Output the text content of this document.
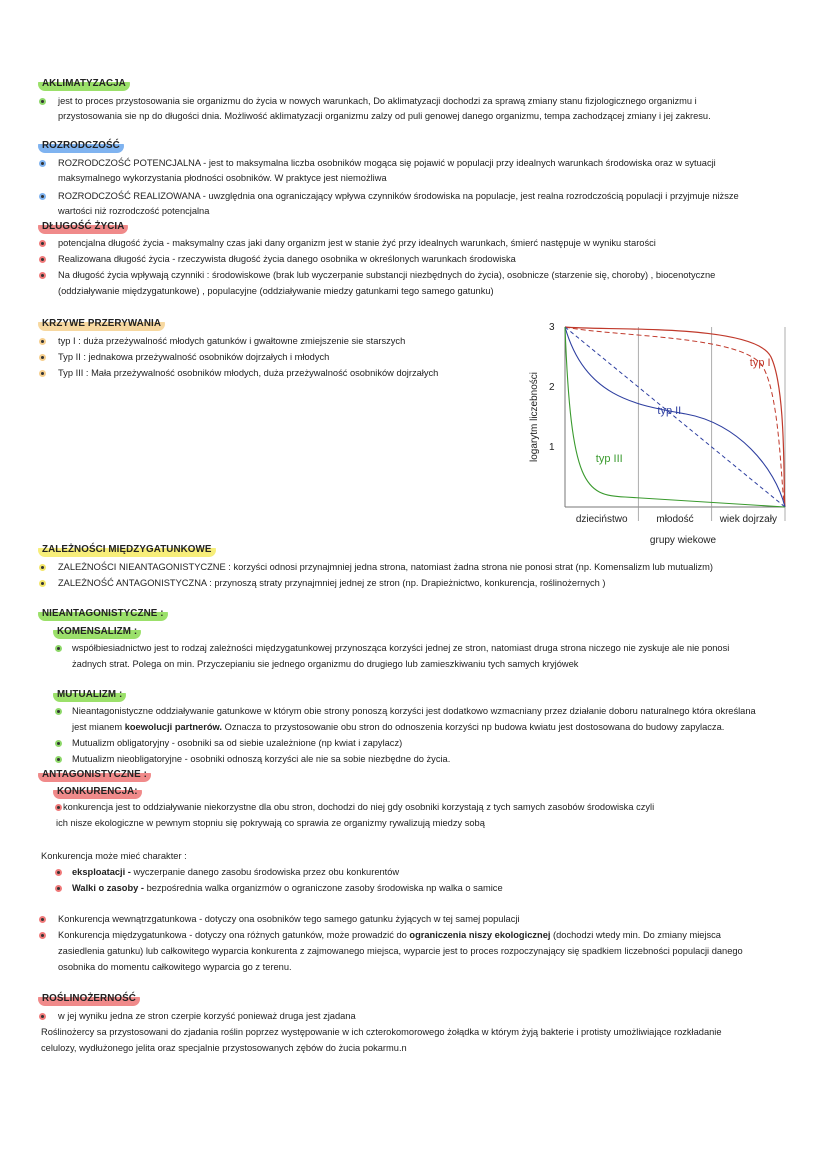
AKLIMATYZACJA
jest to proces przystosowania sie organizmu do życia w nowych warunkach, Do aklimatyzacji dochodzi za sprawą zmiany stanu fizjologicznego organizmu i
przystosowania sie np do długości dnia. Możliwość aklimatyzacji organizmu zalzy od puli genowej danego organizmu, tempa zachodzącej zmiany i jej zakresu.
ROZRODCZOŚĆ
ROZRODCZOŚĆ POTENCJALNA - jest to maksymalna liczba osobników mogąca się pojawić w populacji przy idealnych warunkach środowiska oraz w sytuacji
maksymalnego wykorzystania płodności osobników. W praktyce jest niemożliwa
ROZRODCZOŚĆ REALIZOWANA - uwzględnia ona ograniczający wpływa czynników środowiska na populacje, jest realna rozrodczością populacji i przyjmuje niższe
wartości niż rozrodczość potencjalna
DŁUGOŚĆ ŻYCIA
potencjalna długość życia - maksymalny czas jaki dany organizm jest w stanie żyć przy idealnych warunkach, śmierć następuje w wyniku starości
Realizowana długość życia - rzeczywista długość życia danego osobnika w określonych warunkach środowiska
Na długość życia wpływają czynniki : środowiskowe (brak lub wyczerpanie substancji niezbędnych do życia), osobnicze (starzenie się, choroby) , biocenotyczne
(oddziaływanie międzygatunkowe) , populacyjne (oddziaływanie miedzy gatunkami tego samego gatunku)
KRZYWE PRZERYWANIA
typ I : duża przeżywalność młodych gatunków i gwałtowne zmiejszenie sie starszych
Typ II : jednakowa przeżywalność osobników dojrzałych i młodych
Typ III : Mała przeżywalność osobników młodych, duża przeżywalność osobników dojrzałych
1
2
3
dzieciństwo	młodość	wiek dojrzały
logarytm liczebności
grupy wiekowe
typ I
typ II
typ III
ZALEŻNOŚCI MIĘDZYGATUNKOWE
ZALEŻNOŚCI NIEANTAGONISTYCZNE : korzyści odnosi przynajmniej jedna strona, natomiast żadna strona nie ponosi strat (np. Komensalizm lub mutualizm)
ZALEŻNOŚĆ ANTAGONISTYCZNA : przynoszą straty przynajmniej jednej ze stron (np. Drapieżnictwo, konkurencja, roślinożernych )
NIEANTAGONISTYCZNE :
KOMENSALIZM :
współbiesiadnictwo jest to rodzaj zależności międzygatunkowej przynosząca korzyści jednej ze stron, natomiast druga strona niczego nie zyskuje ale nie ponosi
żadnych strat. Polega on min. Przyczepianiu sie jednego organizmu do drugiego lub zamieszkiwaniu tych samych kryjówek
MUTUALIZM :
Nieantagonistyczne oddziaływanie gatunkowe w którym obie strony ponoszą korzyści jest dodatkowo wzmacniany przez działanie doboru naturalnego która określana
jest mianem koewolucji partnerów. Oznacza to przystosowanie obu stron do odnoszenia korzyści np budowa kwiatu jest dostosowana do budowy zapylacza.
Mutualizm obligatoryjny - osobniki sa od siebie uzależnione (np kwiat i zapylacz)
Mutualizm nieobligatoryjne - osobniki odnoszą korzyści ale nie sa sobie niezbędne do życia.
ANTAGONISTYCZNE :
KONKURENCJA:
konkurencja jest to oddziaływanie niekorzystne dla obu stron, dochodzi do niej gdy osobniki korzystają z tych samych zasobów środowiska czyli
ich nisze ekologiczne w pewnym stopniu się pokrywają co sprawia ze organizmy rywalizują miedzy sobą
Konkurencja może mieć charakter :
eksploatacji - wyczerpanie danego zasobu środowiska przez obu konkurentów
Walki o zasoby - bezpośrednia walka organizmów o ograniczone zasoby środowiska np walka o samice
Konkurencja wewnątrzgatunkowa - dotyczy ona osobników tego samego gatunku żyjących w tej samej populacji
Konkurencja międzygatunkowa - dotyczy ona różnych gatunków, może prowadzić do ograniczenia niszy ekologicznej (dochodzi wtedy min. Do zmiany miejsca
zasiedlenia gatunku) lub całkowitego wyparcia konkurenta z zajmowanego miejsca, wyparcie jest to proces rozpoczynający się spadkiem liczebności populacji danego
osobnika do momentu całkowitego wyparcia go z terenu.
ROŚLINOŻERNOŚĆ
w jej wyniku jedna ze stron czerpie korzyść ponieważ druga jest zjadana
Roślinożercy sa przystosowani do zjadania roślin poprzez występowanie w ich czterokomorowego żołądka w którym żyją bakterie i protisty umożliwiające rozkładanie
celulozy, wydłużonego jelita oraz specjalnie przystosowanych zębów do żucia pokarmu.n
